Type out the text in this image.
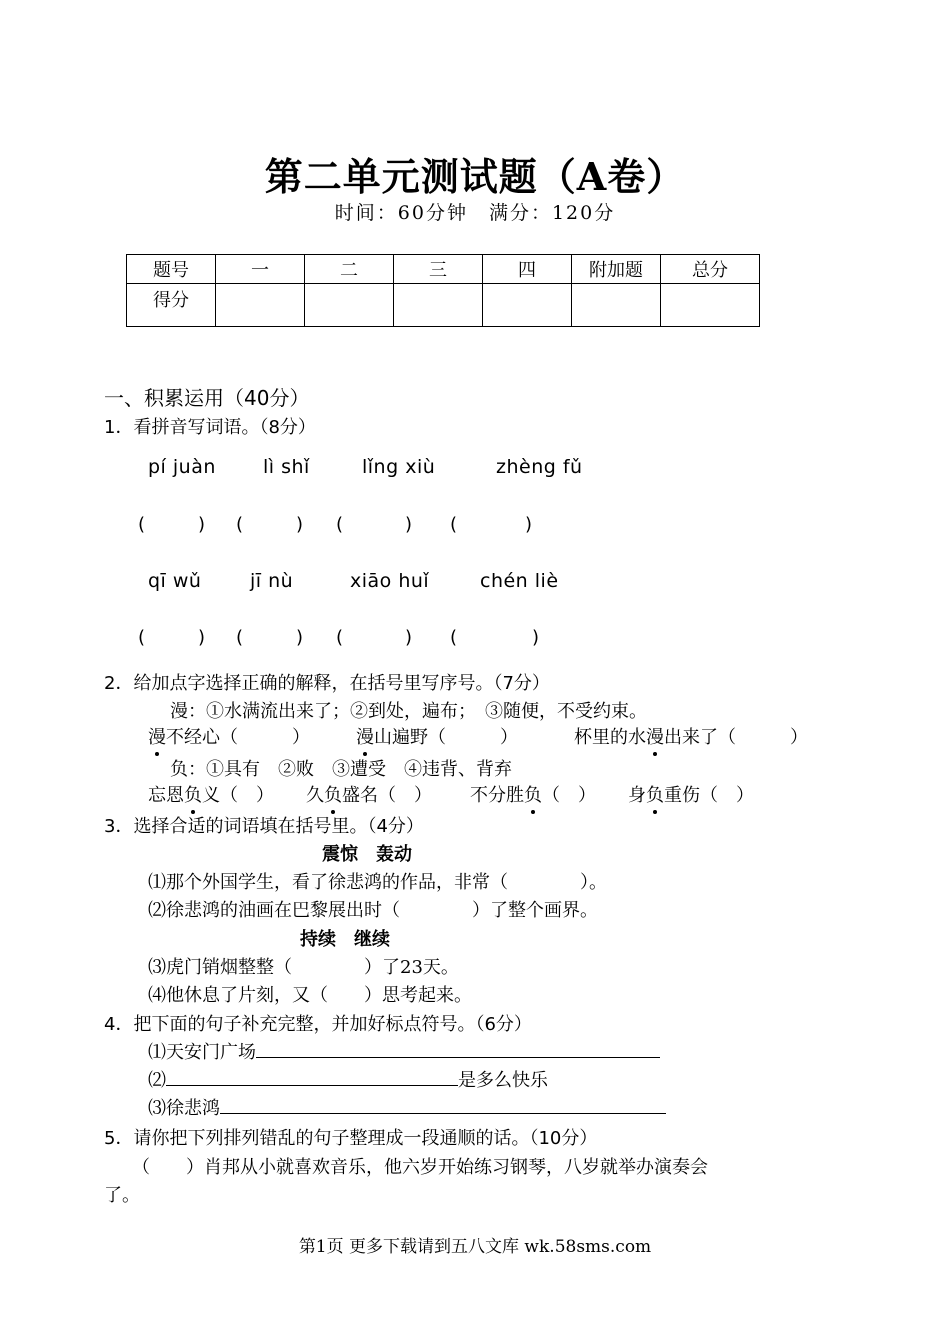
第二单元测试题（A卷）
时间：60分钟　满分：120分
题号	一	二	三	四	附加题	总分
得分						
一、积累运用（40分）
1．看拼音写词语。（8分）
pí juàn lì shǐ	lǐng xiù	zhèng fǔ
(	) (	) (	) (	)
qī wǔ	jī nù	xiāo huǐ	chén liè
(	) (	) (	) (	)
2．给加点字选择正确的解释，在括号里写序号。（7分）
漫：①水满流出来了；②到处，遍布；　③随便，不受约束。
漫不经心（　　　）	漫山遍野（　　　）	杯里的水漫出来了（　　　）
负：①具有　②败　③遭受　④违背、背弃
忘恩负义（　） 久负盛名（　） 不分胜负（　） 身负重伤（　）
3．选择合适的词语填在括号里。（4分）
震惊　轰动
⑴那个外国学生，看了徐悲鸿的作品，非常（　　　　）。
⑵徐悲鸿的油画在巴黎展出时（　　　　）了整个画界。
持续　继续
⑶虎门销烟整整（　　　　）了23天。
⑷他休息了片刻，又（　　）思考起来。
4．把下面的句子补充完整，并加好标点符号。（6分）
⑴天安门广场
⑵	是多么快乐
⑶徐悲鸿
5．请你把下列排列错乱的句子整理成一段通顺的话。（10分）
（　　）肖邦从小就喜欢音乐，他六岁开始练习钢琴，八岁就举办演奏会
了。
第1页 更多下载请到五八文库 wk.58sms.com
